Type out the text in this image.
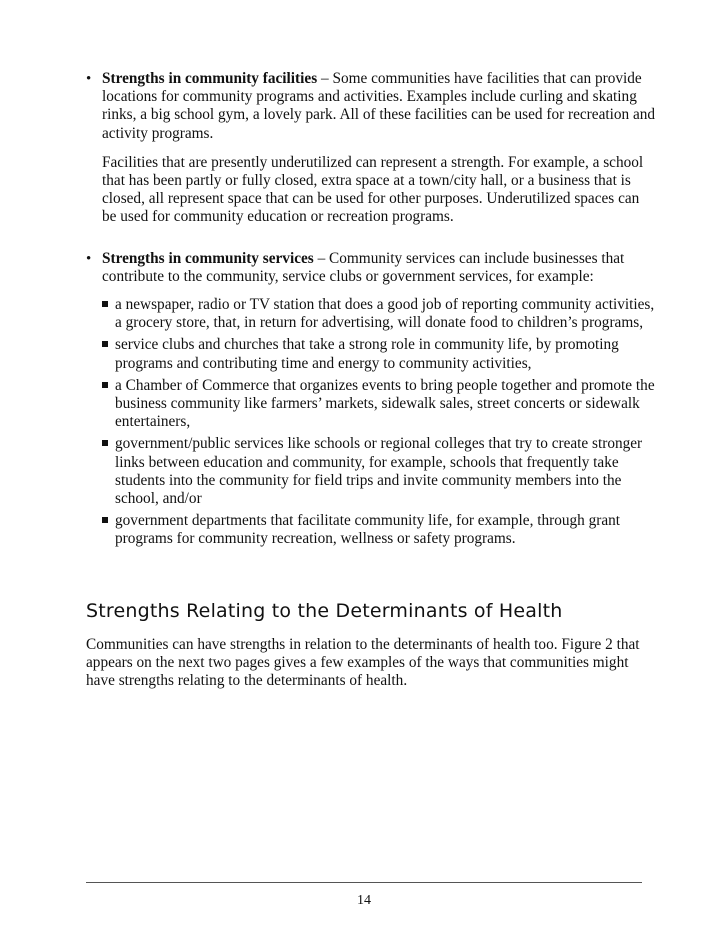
• Strengths in community facilities – Some communities have facilities that can provide locations for community programs and activities. Examples include curling and skating rinks, a big school gym, a lovely park. All of these facilities can be used for recreation and activity programs.
Facilities that are presently underutilized can represent a strength. For example, a school that has been partly or fully closed, extra space at a town/city hall, or a business that is closed, all represent space that can be used for other purposes. Underutilized spaces can be used for community education or recreation programs.
• Strengths in community services – Community services can include businesses that contribute to the community, service clubs or government services, for example:
a newspaper, radio or TV station that does a good job of reporting community activities, a grocery store, that, in return for advertising, will donate food to children’s programs,
service clubs and churches that take a strong role in community life, by promoting programs and contributing time and energy to community activities,
a Chamber of Commerce that organizes events to bring people together and promote the business community like farmers’ markets, sidewalk sales, street concerts or sidewalk entertainers,
government/public services like schools or regional colleges that try to create stronger links between education and community, for example, schools that frequently take students into the community for field trips and invite community members into the school, and/or
government departments that facilitate community life, for example, through grant programs for community recreation, wellness or safety programs.
Strengths Relating to the Determinants of Health
Communities can have strengths in relation to the determinants of health too. Figure 2 that appears on the next two pages gives a few examples of the ways that communities might have strengths relating to the determinants of health.
14
